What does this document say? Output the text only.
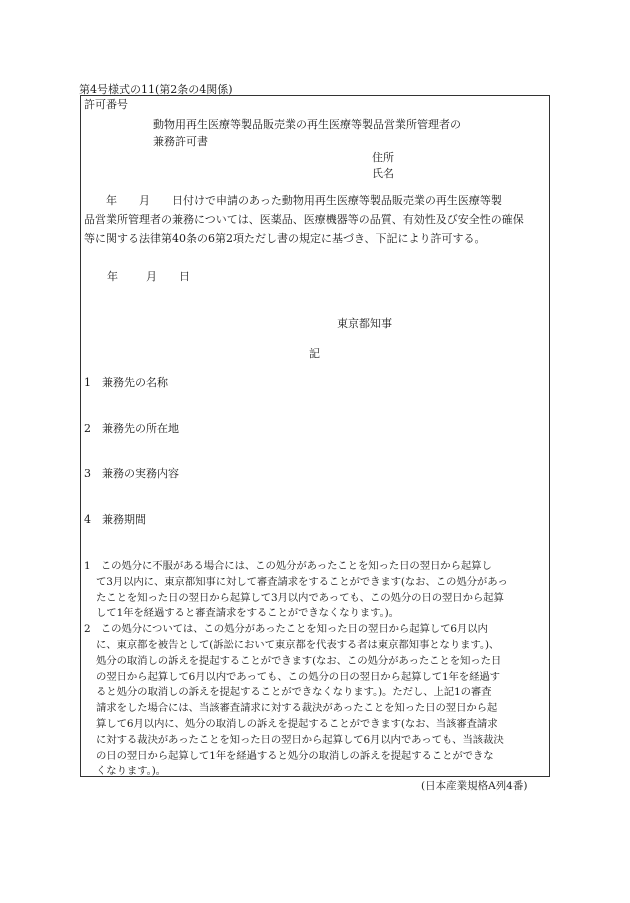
第4号様式の11(第2条の4関係)
許可番号
動物用再生医療等製品販売業の再生医療等製品営業所管理者の
兼務許可書
住所
氏名
　　年　　月　　日付けで申請のあった動物用再生医療等製品販売業の再生医療等製
品営業所管理者の兼務については、医薬品、医療機器等の品質、有効性及び安全性の確保
等に関する法律第40条の6第2項ただし書の規定に基づき、下記により許可する。
年	月 日
東京都知事
記
1　兼務先の名称
2　兼務先の所在地
3　兼務の実務内容
4　兼務期間
1　この処分に不服がある場合には、この処分があったことを知った日の翌日から起算し
て3月以内に、東京都知事に対して審査請求をすることができます(なお、この処分があっ
たことを知った日の翌日から起算して3月以内であっても、この処分の日の翌日から起算
して1年を経過すると審査請求をすることができなくなります。)。
2　この処分については、この処分があったことを知った日の翌日から起算して6月以内
に、東京都を被告として(訴訟において東京都を代表する者は東京都知事となります。)、
処分の取消しの訴えを提起することができます(なお、この処分があったことを知った日
の翌日から起算して6月以内であっても、この処分の日の翌日から起算して1年を経過す
ると処分の取消しの訴えを提起することができなくなります。)。ただし、上記1の審査
請求をした場合には、当該審査請求に対する裁決があったことを知った日の翌日から起
算して6月以内に、処分の取消しの訴えを提起することができます(なお、当該審査請求
に対する裁決があったことを知った日の翌日から起算して6月以内であっても、当該裁決
の日の翌日から起算して1年を経過すると処分の取消しの訴えを提起することができな
くなります。)。
(日本産業規格A列4番)
